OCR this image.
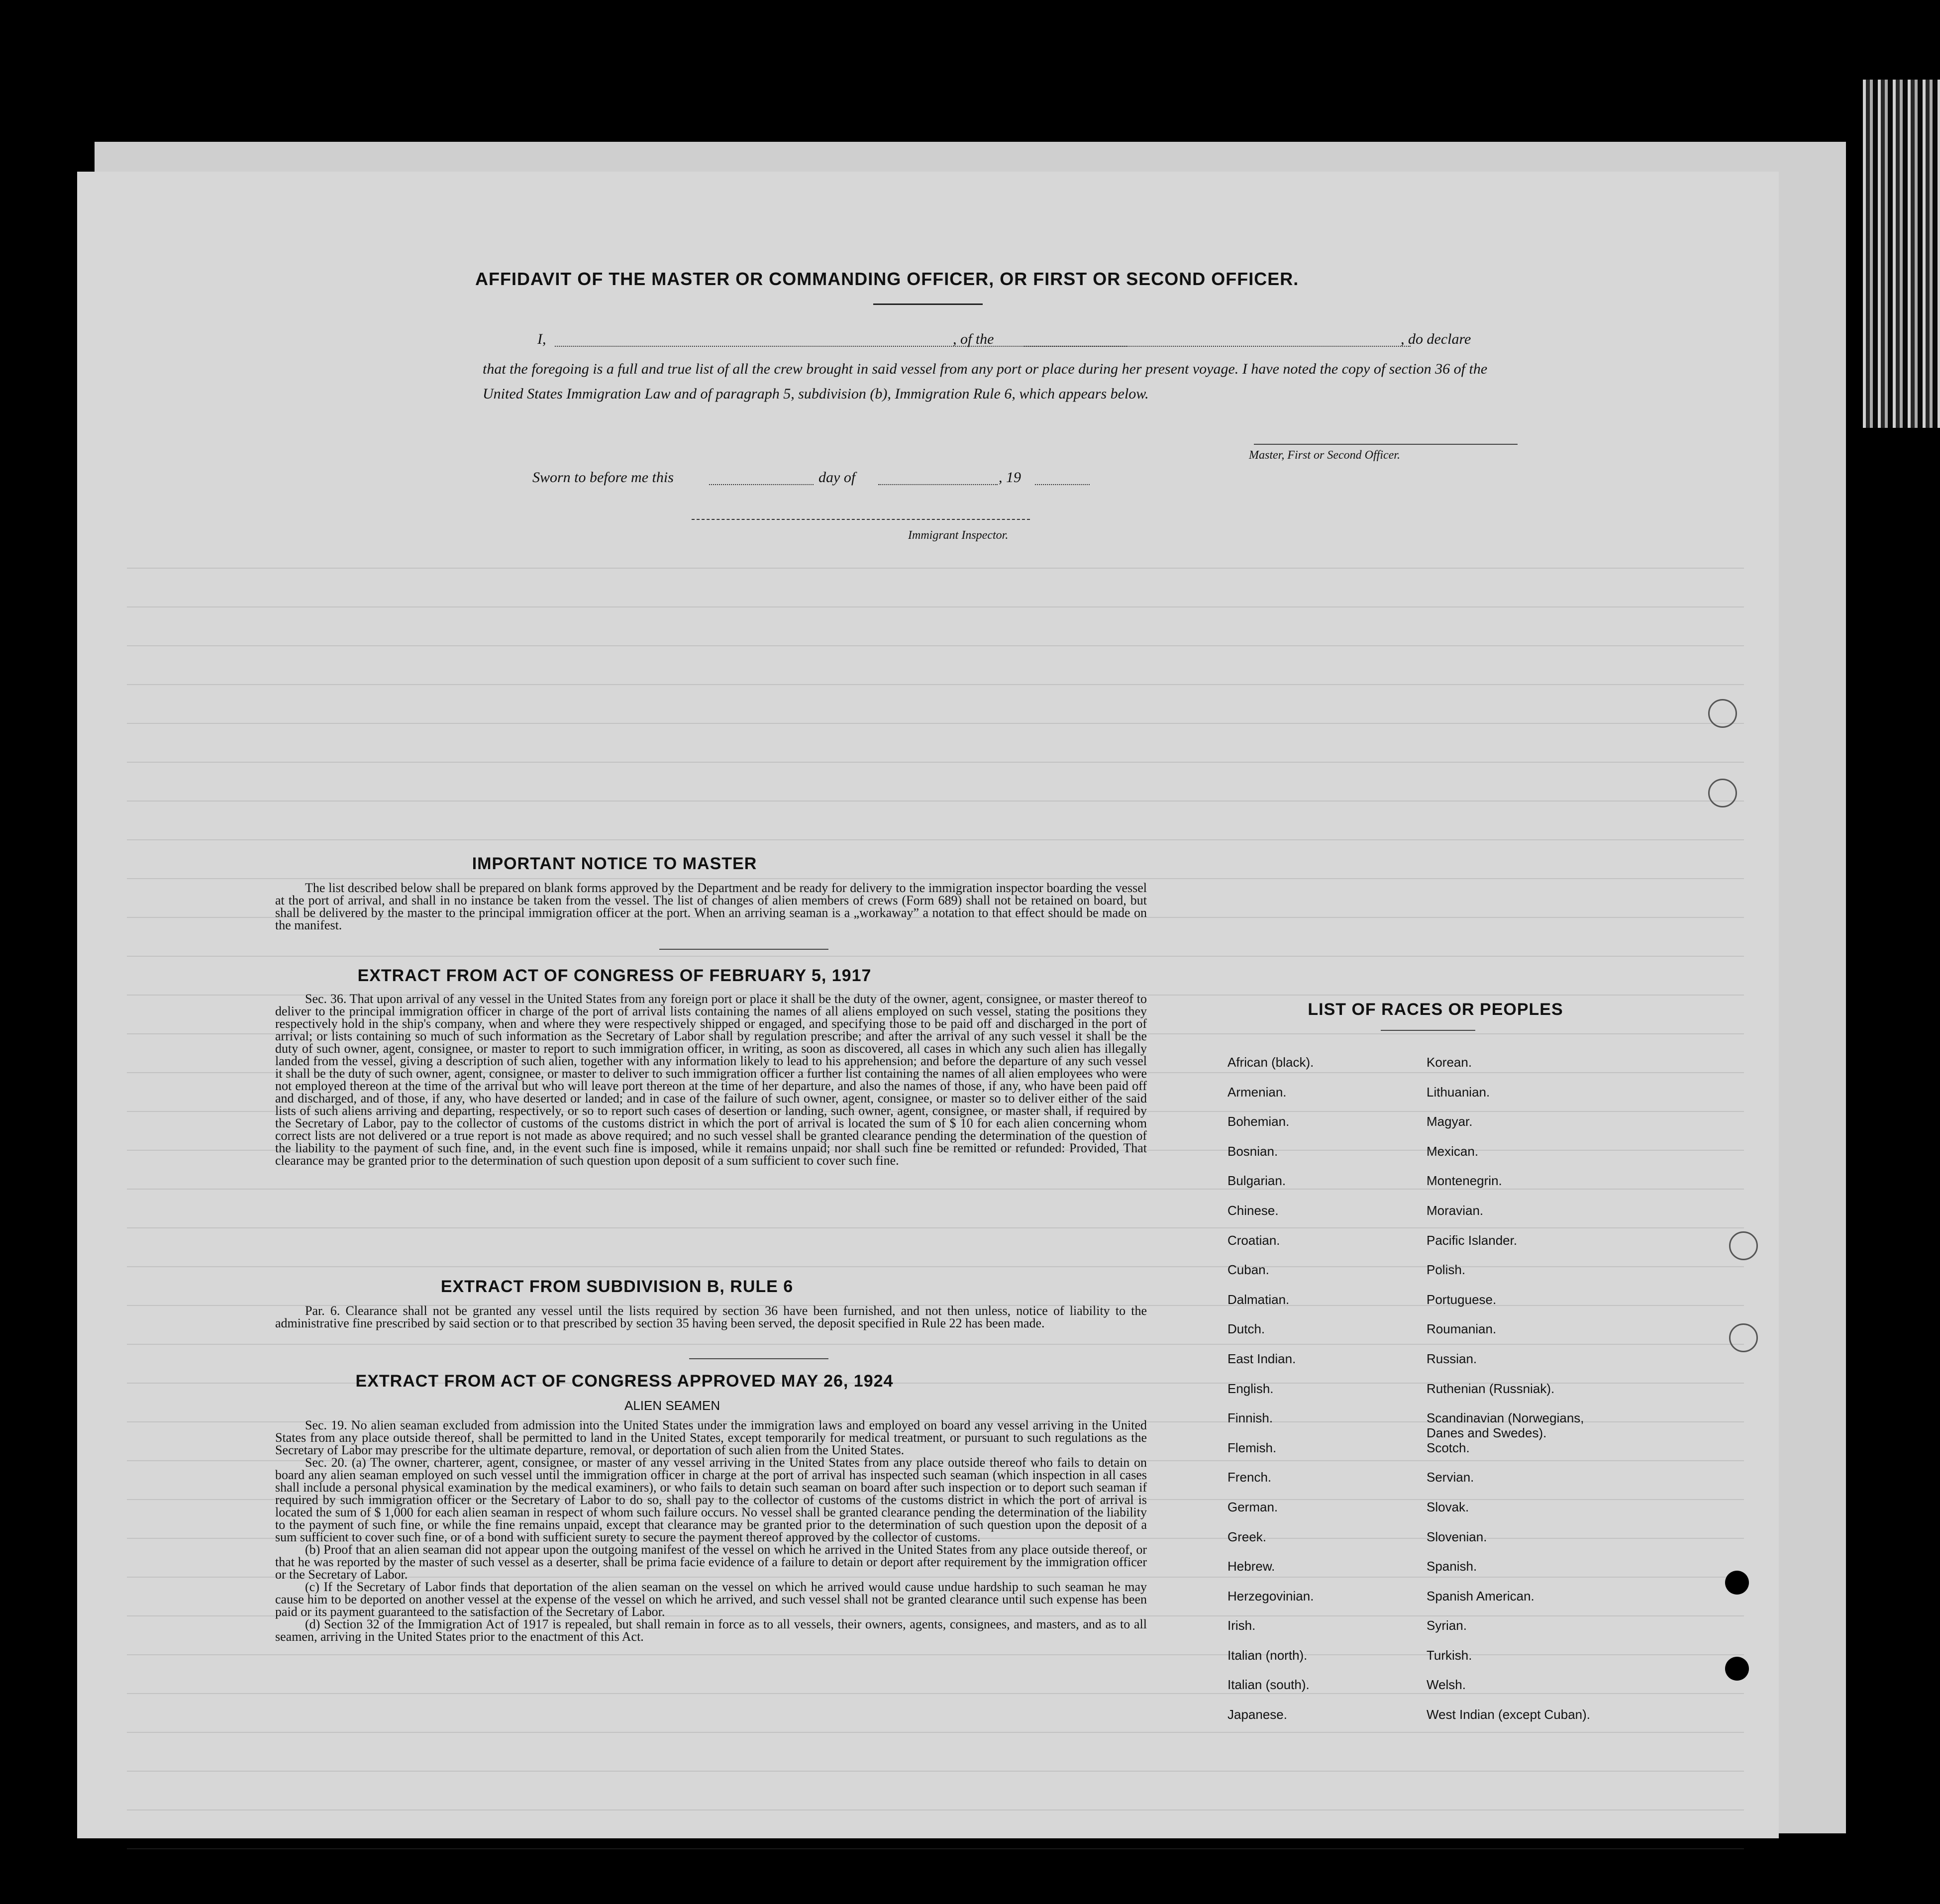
AFFIDAVIT OF THE MASTER OR COMMANDING OFFICER, OR FIRST OR SECOND OFFICER.
I,	, of the	, do declare
that the foregoing is a full and true list of all the crew brought in said vessel from any port or place during her present voyage. I have noted the copy of section 36 of the United States Immigration Law and of paragraph 5, subdivision (b), Immigration Rule 6, which appears below.
Master, First or Second Officer.
Sworn to before me this	day of	, 19
Immigrant Inspector.
IMPORTANT NOTICE TO MASTER

The list described below shall be prepared on blank forms approved by the Department and be ready for delivery to the immigration inspector boarding the vessel at the port of arrival, and shall in no instance be taken from the vessel. The list of changes of alien members of crews (Form 689) shall not be retained on board, but shall be delivered by the master to the principal immigration officer at the port. When an arriving seaman is a „workaway” a notation to that effect should be made on the manifest.

EXTRACT FROM ACT OF CONGRESS OF FEBRUARY 5, 1917

Sec. 36. That upon arrival of any vessel in the United States from any foreign port or place it shall be the duty of the owner, agent, consignee, or master thereof to deliver to the principal immigration officer in charge of the port of arrival lists containing the names of all aliens employed on such vessel, stating the positions they respectively hold in the ship's company, when and where they were respectively shipped or engaged, and specifying those to be paid off and discharged in the port of arrival; or lists containing so much of such information as the Secretary of Labor shall by regulation prescribe; and after the arrival of any such vessel it shall be the duty of such owner, agent, consignee, or master to report to such immigration officer, in writing, as soon as discovered, all cases in which any such alien has illegally landed from the vessel, giving a description of such alien, together with any information likely to lead to his apprehension; and before the departure of any such vessel it shall be the duty of such owner, agent, consignee, or master to deliver to such immigration officer a further list containing the names of all alien employees who were not employed thereon at the time of the arrival but who will leave port thereon at the time of her departure, and also the names of those, if any, who have been paid off and discharged, and of those, if any, who have deserted or landed; and in case of the failure of such owner, agent, consignee, or master so to deliver either of the said lists of such aliens arriving and departing, respectively, or so to report such cases of desertion or landing, such owner, agent, consignee, or master shall, if required by the Secretary of Labor, pay to the collector of customs of the customs district in which the port of arrival is located the sum of $ 10 for each alien concerning whom correct lists are not delivered or a true report is not made as above required; and no such vessel shall be granted clearance pending the determination of the question of the liability to the payment of such fine, and, in the event such fine is imposed, while it remains unpaid; nor shall such fine be remitted or refunded: Provided, That clearance may be granted prior to the determination of such question upon deposit of a sum sufficient to cover such fine.

EXTRACT FROM SUBDIVISION B, RULE 6

Par. 6. Clearance shall not be granted any vessel until the lists required by section 36 have been furnished, and not then unless, notice of liability to the administrative fine prescribed by said section or to that prescribed by section 35 having been served, the deposit specified in Rule 22 has been made.

EXTRACT FROM ACT OF CONGRESS APPROVED MAY 26, 1924
ALIEN SEAMEN

Sec. 19. No alien seaman excluded from admission into the United States under the immigration laws and employed on board any vessel arriving in the United States from any place outside thereof, shall be permitted to land in the United States, except temporarily for medical treatment, or pursuant to such regulations as the Secretary of Labor may prescribe for the ultimate departure, removal, or deportation of such alien from the United States.

Sec. 20. (a) The owner, charterer, agent, consignee, or master of any vessel arriving in the United States from any place outside thereof who fails to detain on board any alien seaman employed on such vessel until the immigration officer in charge at the port of arrival has inspected such seaman (which inspection in all cases shall include a personal physical examination by the medical examiners), or who fails to detain such seaman on board after such inspection or to deport such seaman if required by such immigration officer or the Secretary of Labor to do so, shall pay to the collector of customs of the customs district in which the port of arrival is located the sum of $ 1,000 for each alien seaman in respect of whom such failure occurs. No vessel shall be granted clearance pending the determination of the liability to the payment of such fine, or while the fine remains unpaid, except that clearance may be granted prior to the determination of such question upon the deposit of a sum sufficient to cover such fine, or of a bond with sufficient surety to secure the payment thereof approved by the collector of customs.

(b) Proof that an alien seaman did not appear upon the outgoing manifest of the vessel on which he arrived in the United States from any place outside thereof, or that he was reported by the master of such vessel as a deserter, shall be prima facie evidence of a failure to detain or deport after requirement by the immigration officer or the Secretary of Labor.

(c) If the Secretary of Labor finds that deportation of the alien seaman on the vessel on which he arrived would cause undue hardship to such seaman he may cause him to be deported on another vessel at the expense of the vessel on which he arrived, and such vessel shall not be granted clearance until such expense has been paid or its payment guaranteed to the satisfaction of the Secretary of Labor.

(d) Section 32 of the Immigration Act of 1917 is repealed, but shall remain in force as to all vessels, their owners, agents, consignees, and masters, and as to all seamen, arriving in the United States prior to the enactment of this Act.

LIST OF RACES OR PEOPLES
African (black).
Armenian.
Bohemian.
Bosnian.
Bulgarian.
Chinese.
Croatian.
Cuban.
Dalmatian.
Dutch.
East Indian.
English.
Finnish.
Flemish.
French.
German.
Greek.
Hebrew.
Herzegovinian.
Irish.
Italian (north).
Italian (south).
Japanese.
Korean.
Lithuanian.
Magyar.
Mexican.
Montenegrin.
Moravian.
Pacific Islander.
Polish.
Portuguese.
Roumanian.
Russian.
Ruthenian (Russniak).
Scandinavian (Norwegians, Danes and Swedes).
Scotch.
Servian.
Slovak.
Slovenian.
Spanish.
Spanish American.
Syrian.
Turkish.
Welsh.
West Indian (except Cuban).
